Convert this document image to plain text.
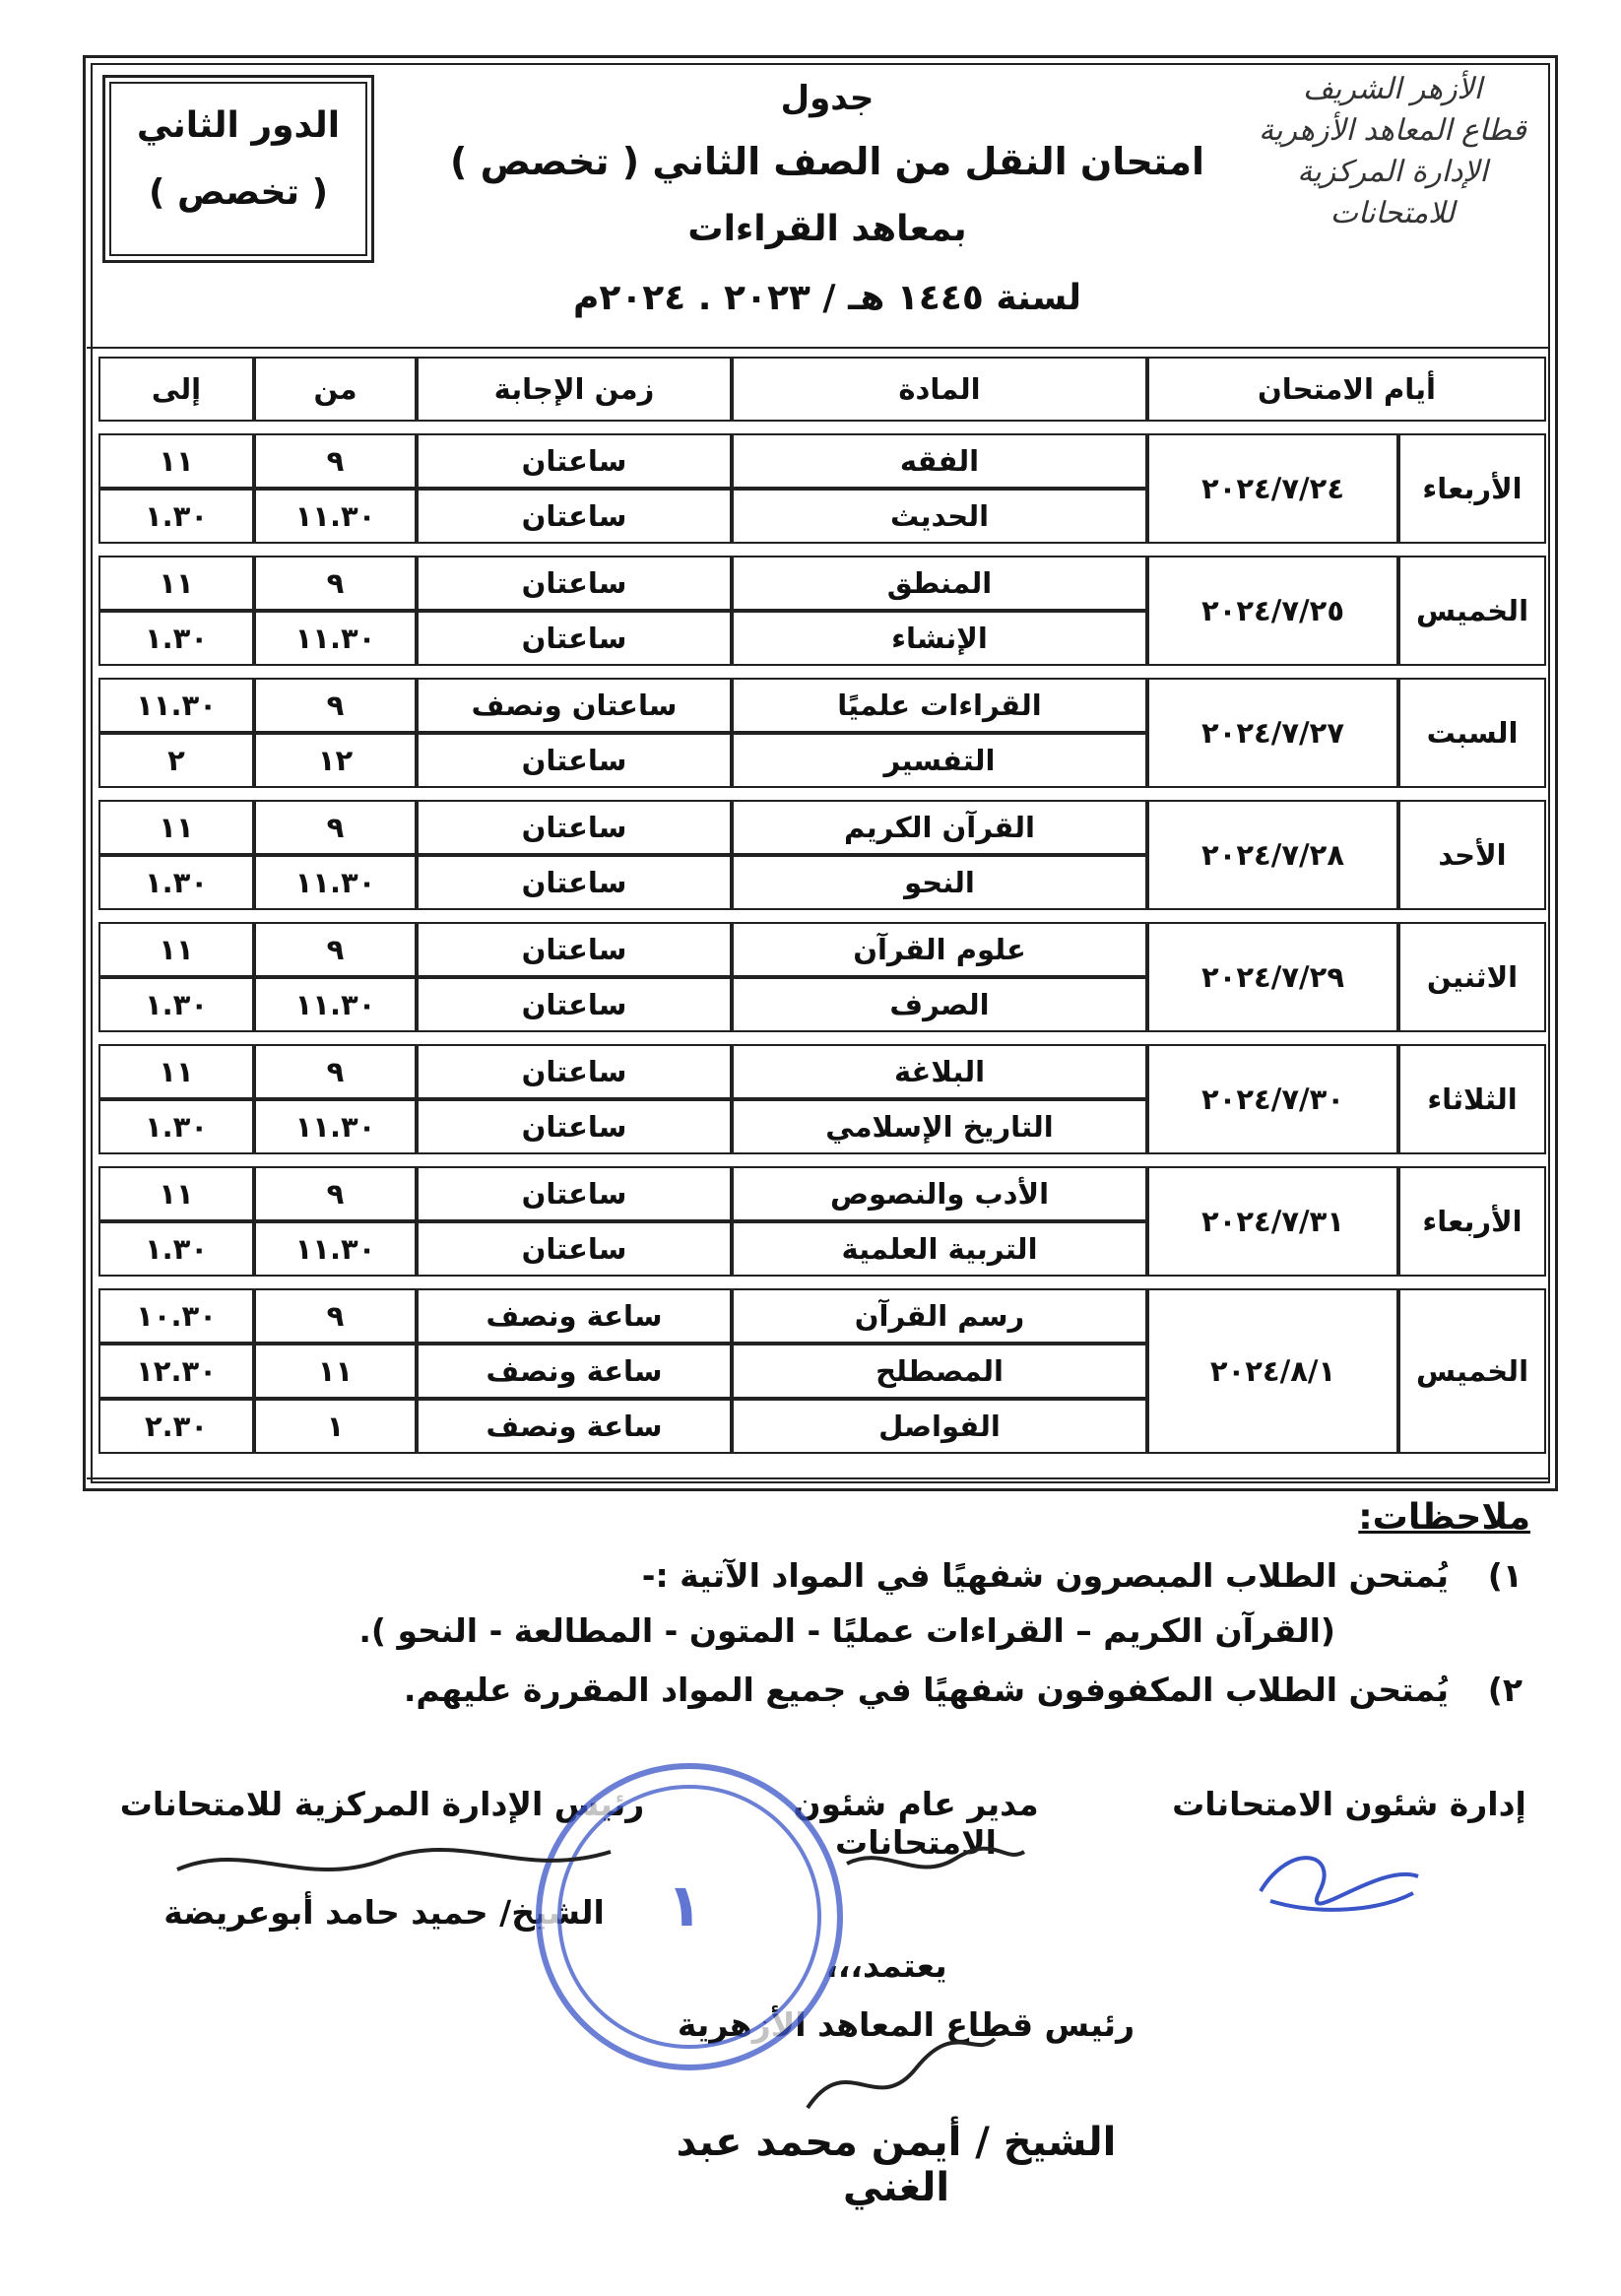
الدور الثاني
( تخصص )
جدول
امتحان النقل من الصف الثاني ( تخصص )
بمعاهد القراءات
لسنة ١٤٤٥ هـ / ٢٠٢٣ . ٢٠٢٤م
الأزهر الشريف
قطاع المعاهد الأزهرية
الإدارة المركزية للامتحانات
أيام الامتحان		المادة	زمن الإجابة	من	إلى

الأربعاء	٢٠٢٤/٧/٢٤	الفقه	ساعتان	٩	١١
		الحديث	ساعتان	١١.٣٠	١.٣٠

الخميس	٢٠٢٤/٧/٢٥	المنطق	ساعتان	٩	١١
		الإنشاء	ساعتان	١١.٣٠	١.٣٠

السبت	٢٠٢٤/٧/٢٧	القراءات علميًا	ساعتان ونصف	٩	١١.٣٠
		التفسير	ساعتان	١٢	٢

الأحد	٢٠٢٤/٧/٢٨	القرآن الكريم	ساعتان	٩	١١
		النحو	ساعتان	١١.٣٠	١.٣٠

الاثنين	٢٠٢٤/٧/٢٩	علوم القرآن	ساعتان	٩	١١
		الصرف	ساعتان	١١.٣٠	١.٣٠

الثلاثاء	٢٠٢٤/٧/٣٠	البلاغة	ساعتان	٩	١١
		التاريخ الإسلامي	ساعتان	١١.٣٠	١.٣٠

الأربعاء	٢٠٢٤/٧/٣١	الأدب والنصوص	ساعتان	٩	١١
		التربية العلمية	ساعتان	١١.٣٠	١.٣٠

الخميس	٢٠٢٤/٨/١	رسم القرآن	ساعة ونصف	٩	١٠.٣٠
		المصطلح	ساعة ونصف	١١	١٢.٣٠
		الفواصل	ساعة ونصف	١	٢.٣٠
ملاحظات:
١)
يُمتحن الطلاب المبصرون شفهيًا في المواد الآتية :-
(القرآن الكريم – القراءات عمليًا - المتون - المطالعة - النحو ).
٢)
يُمتحن الطلاب المكفوفون شفهيًا في جميع المواد المقررة عليهم.
إدارة شئون الامتحانات
مدير عام شئون الامتحانات
رئيس الإدارة المركزية للامتحانات
الشيخ/ حميد حامد أبوعريضة
يعتمد،،،
رئيس قطاع المعاهد الأزهرية
الشيخ / أيمن محمد عبد الغني
١
